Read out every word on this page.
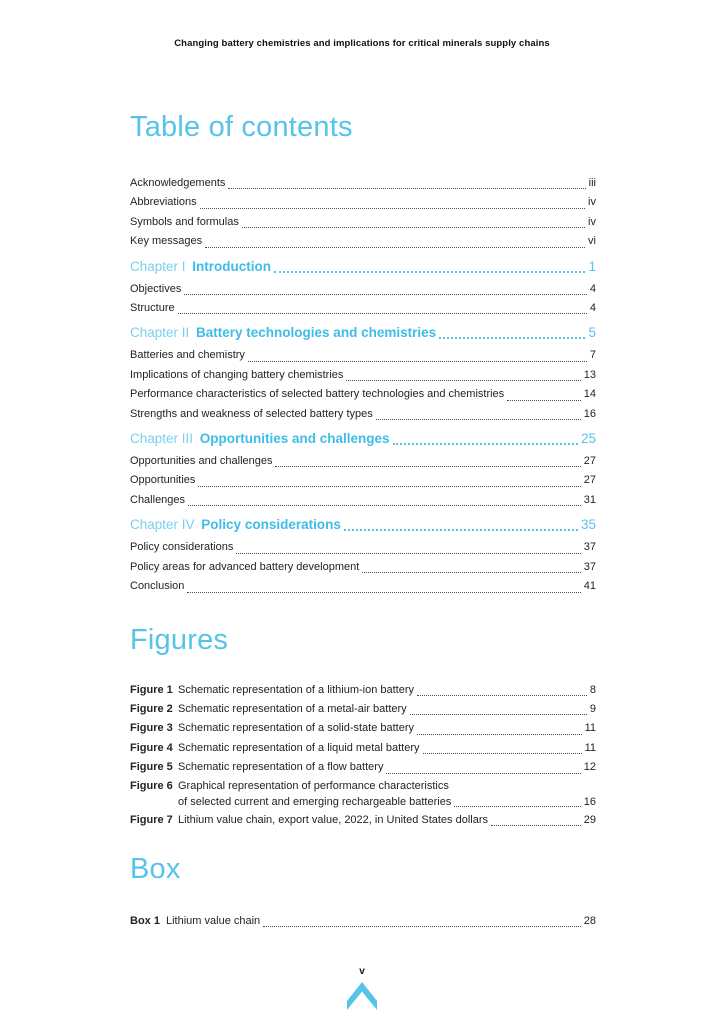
Changing battery chemistries and implications for critical minerals supply chains
Table of contents
Acknowledgements	iii
Abbreviations	iv
Symbols and formulas	iv
Key messages	vi
Chapter I Introduction	1
Objectives	4
Structure	4
Chapter II Battery technologies and chemistries	5
Batteries and chemistry	7
Implications of changing battery chemistries	13
Performance characteristics of selected battery technologies and chemistries	14
Strengths and weakness of selected battery types	16
Chapter III Opportunities and challenges	25
Opportunities and challenges	27
Opportunities	27
Challenges	31
Chapter IV Policy considerations	35
Policy considerations	37
Policy areas for advanced battery development	37
Conclusion	41
Figures
Figure 1 Schematic representation of a lithium-ion battery	8
Figure 2 Schematic representation of a metal-air battery	9
Figure 3 Schematic representation of a solid-state battery	11
Figure 4 Schematic representation of a liquid metal battery	11
Figure 5 Schematic representation of a flow battery	12
Figure 6 Graphical representation of performance characteristics
of selected current and emerging rechargeable batteries	16
Figure 7 Lithium value chain, export value, 2022, in United States dollars	29
Box
Box 1 Lithium value chain	28
v
